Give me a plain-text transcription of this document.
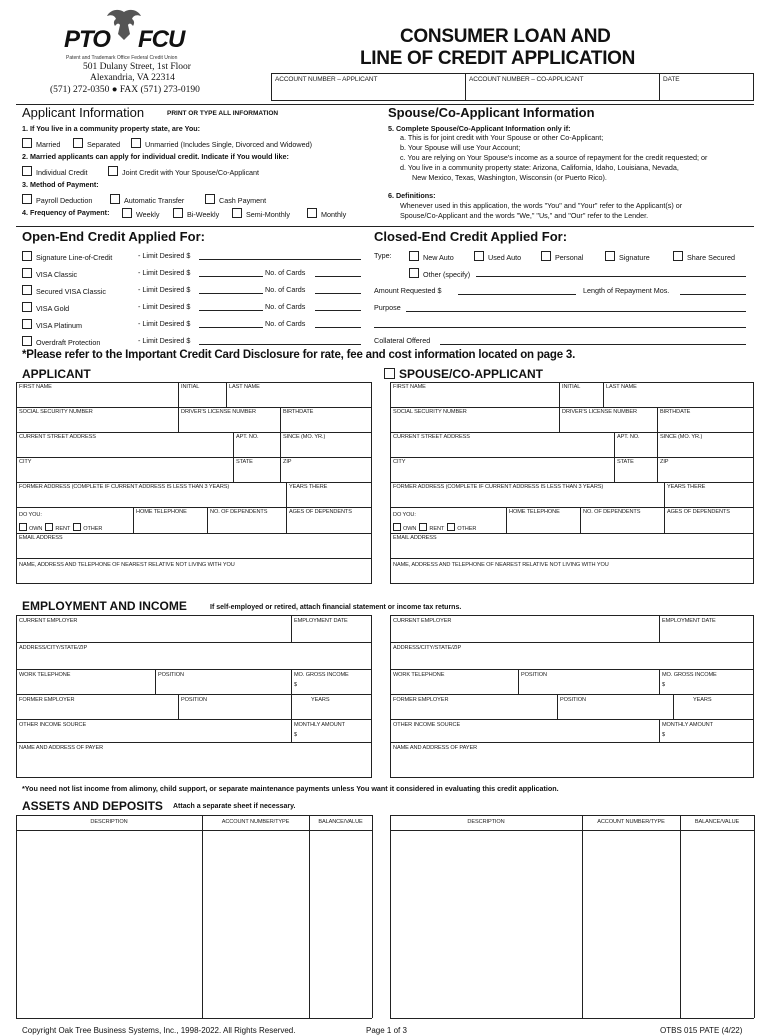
PTO FCU
Patent and Trademark Office Federal Credit Union
501 Dulany Street, 1st Floor
Alexandria, VA 22314
(571) 272-0350 ● FAX (571) 273-0190
CONSUMER LOAN AND
LINE OF CREDIT APPLICATION
ACCOUNT NUMBER – APPLICANT	ACCOUNT NUMBER – CO-APPLICANT	DATE
Applicant Information	PRINT OR TYPE ALL INFORMATION
1. If You live in a community property state, are You:
Married	Separated	Unmarried (Includes Single, Divorced and Widowed)
2. Married applicants can apply for individual credit. Indicate if You would like:
Individual Credit	Joint Credit with Your Spouse/Co-Applicant
3. Method of Payment:
Payroll Deduction	Automatic Transfer	Cash Payment
4. Frequency of Payment:	Weekly	Bi-Weekly	Semi-Monthly	Monthly
Spouse/Co-Applicant Information
5. Complete Spouse/Co-Applicant Information only if:
a. This is for joint credit with Your Spouse or other Co-Applicant;
b. Your Spouse will use Your Account;
c. You are relying on Your Spouse's income as a source of repayment for the credit requested; or
d. You live in a community property state: Arizona, California, Idaho, Louisiana, Nevada,
New Mexico, Texas, Washington, Wisconsin (or Puerto Rico).
6. Definitions:
Whenever used in this application, the words "You" and "Your" refer to the Applicant(s) or
Spouse/Co-Applicant and the words "We," "Us," and "Our" refer to the Lender.
Open-End Credit Applied For:	Closed-End Credit Applied For:
Signature Line-of-Credit	- Limit Desired $
VISA Classic	- Limit Desired $	No. of Cards
Secured VISA Classic	- Limit Desired $	No. of Cards
VISA Gold	- Limit Desired $	No. of Cards
VISA Platinum	- Limit Desired $	No. of Cards
Overdraft Protection	- Limit Desired $
Type:	New Auto	Used Auto	Personal	Signature	Share Secured
Other (specify)
Amount Requested $	Length of Repayment Mos.
Purpose
Collateral Offered
*Please refer to the Important Credit Card Disclosure for rate, fee and cost information located on page 3.
APPLICANT	SPOUSE/CO-APPLICANT
FIRST NAME	INITIAL	LAST NAME
SOCIAL SECURITY NUMBER	DRIVER'S LICENSE NUMBER	BIRTHDATE
CURRENT STREET ADDRESS	APT. NO.	SINCE (MO. YR.)
CITY	STATE	ZIP
FORMER ADDRESS (COMPLETE IF CURRENT ADDRESS IS LESS THAN 3 YEARS)	YEARS THERE
DO YOU:
OWN RENT OTHER
HOME TELEPHONE	NO. OF DEPENDENTS	AGES OF DEPENDENTS
EMAIL ADDRESS
NAME, ADDRESS AND TELEPHONE OF NEAREST RELATIVE NOT LIVING WITH YOU
FIRST NAME	INITIAL	LAST NAME
SOCIAL SECURITY NUMBER	DRIVER'S LICENSE NUMBER	BIRTHDATE
CURRENT STREET ADDRESS	APT. NO.	SINCE (MO. YR.)
CITY	STATE	ZIP
FORMER ADDRESS (COMPLETE IF CURRENT ADDRESS IS LESS THAN 3 YEARS)	YEARS THERE
DO YOU:
OWN RENT OTHER
HOME TELEPHONE	NO. OF DEPENDENTS	AGES OF DEPENDENTS
EMAIL ADDRESS
NAME, ADDRESS AND TELEPHONE OF NEAREST RELATIVE NOT LIVING WITH YOU
EMPLOYMENT AND INCOME	If self-employed or retired, attach financial statement or income tax returns.
CURRENT EMPLOYER	EMPLOYMENT DATE
ADDRESS/CITY/STATE/ZIP
WORK TELEPHONE	POSITION	MO. GROSS INCOME
$
FORMER EMPLOYER	POSITION	YEARS
OTHER INCOME SOURCE	MONTHLY AMOUNT
$
NAME AND ADDRESS OF PAYER
CURRENT EMPLOYER	EMPLOYMENT DATE
ADDRESS/CITY/STATE/ZIP
WORK TELEPHONE	POSITION	MO. GROSS INCOME
$
FORMER EMPLOYER	POSITION	YEARS
OTHER INCOME SOURCE	MONTHLY AMOUNT
$
NAME AND ADDRESS OF PAYER
*You need not list income from alimony, child support, or separate maintenance payments unless You want it considered in evaluating this credit application.
ASSETS AND DEPOSITS Attach a separate sheet if necessary.
DESCRIPTION	ACCOUNT NUMBER/TYPE	BALANCE/VALUE	DESCRIPTION	ACCOUNT NUMBER/TYPE	BALANCE/VALUE
Copyright Oak Tree Business Systems, Inc., 1998-2022. All Rights Reserved.	Page 1 of 3	OTBS 015 PATE (4/22)
